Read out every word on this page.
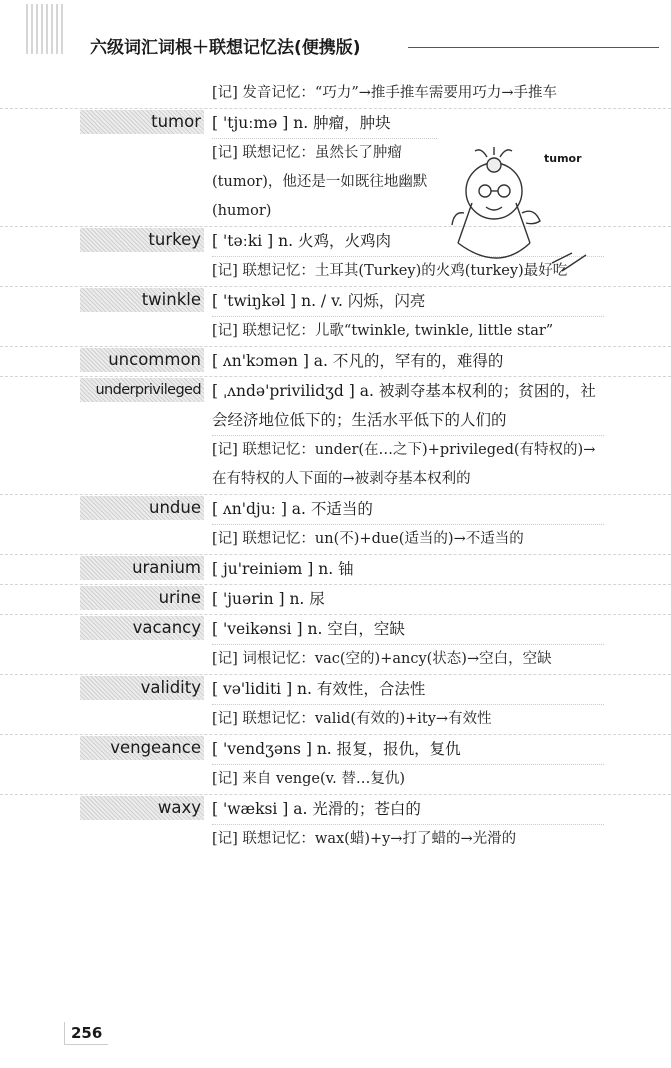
六级词汇词根＋联想记忆法(便携版)
[记] 发音记忆：“巧力”→推手推车需要用巧力→手推车
tumor [ 'tjuːmə ] n. 肿瘤，肿块
[记] 联想记忆：虽然长了肿瘤(tumor)，他还是一如既往地幽默(humor)
turkey [ 'təːki ] n. 火鸡，火鸡肉
[记] 联想记忆：土耳其(Turkey)的火鸡(turkey)最好吃
twinkle [ 'twiŋkəl ] n. / v. 闪烁，闪亮
[记] 联想记忆：儿歌“twinkle, twinkle, little star”
uncommon [ ʌn'kɔmən ] a. 不凡的，罕有的，难得的
underprivileged [ ˌʌndə'privilidʒd ] a. 被剥夺基本权利的；贫困的，社会经济地位低下的；生活水平低下的人们的
[记] 联想记忆：under(在…之下)+privileged(有特权的)→在有特权的人下面的→被剥夺基本权利的
undue [ ʌn'djuː ] a. 不适当的
[记] 联想记忆：un(不)+due(适当的)→不适当的
uranium [ ju'reiniəm ] n. 铀
urine [ 'juərin ] n. 尿
vacancy [ 'veikənsi ] n. 空白，空缺
[记] 词根记忆：vac(空的)+ancy(状态)→空白，空缺
validity [ və'liditi ] n. 有效性，合法性
[记] 联想记忆：valid(有效的)+ity→有效性
vengeance [ 'vendʒəns ] n. 报复，报仇，复仇
[记] 来自 venge(v. 替…复仇)
waxy [ 'wæksi ] a. 光滑的；苍白的
[记] 联想记忆：wax(蜡)+y→打了蜡的→光滑的
tumor
256
